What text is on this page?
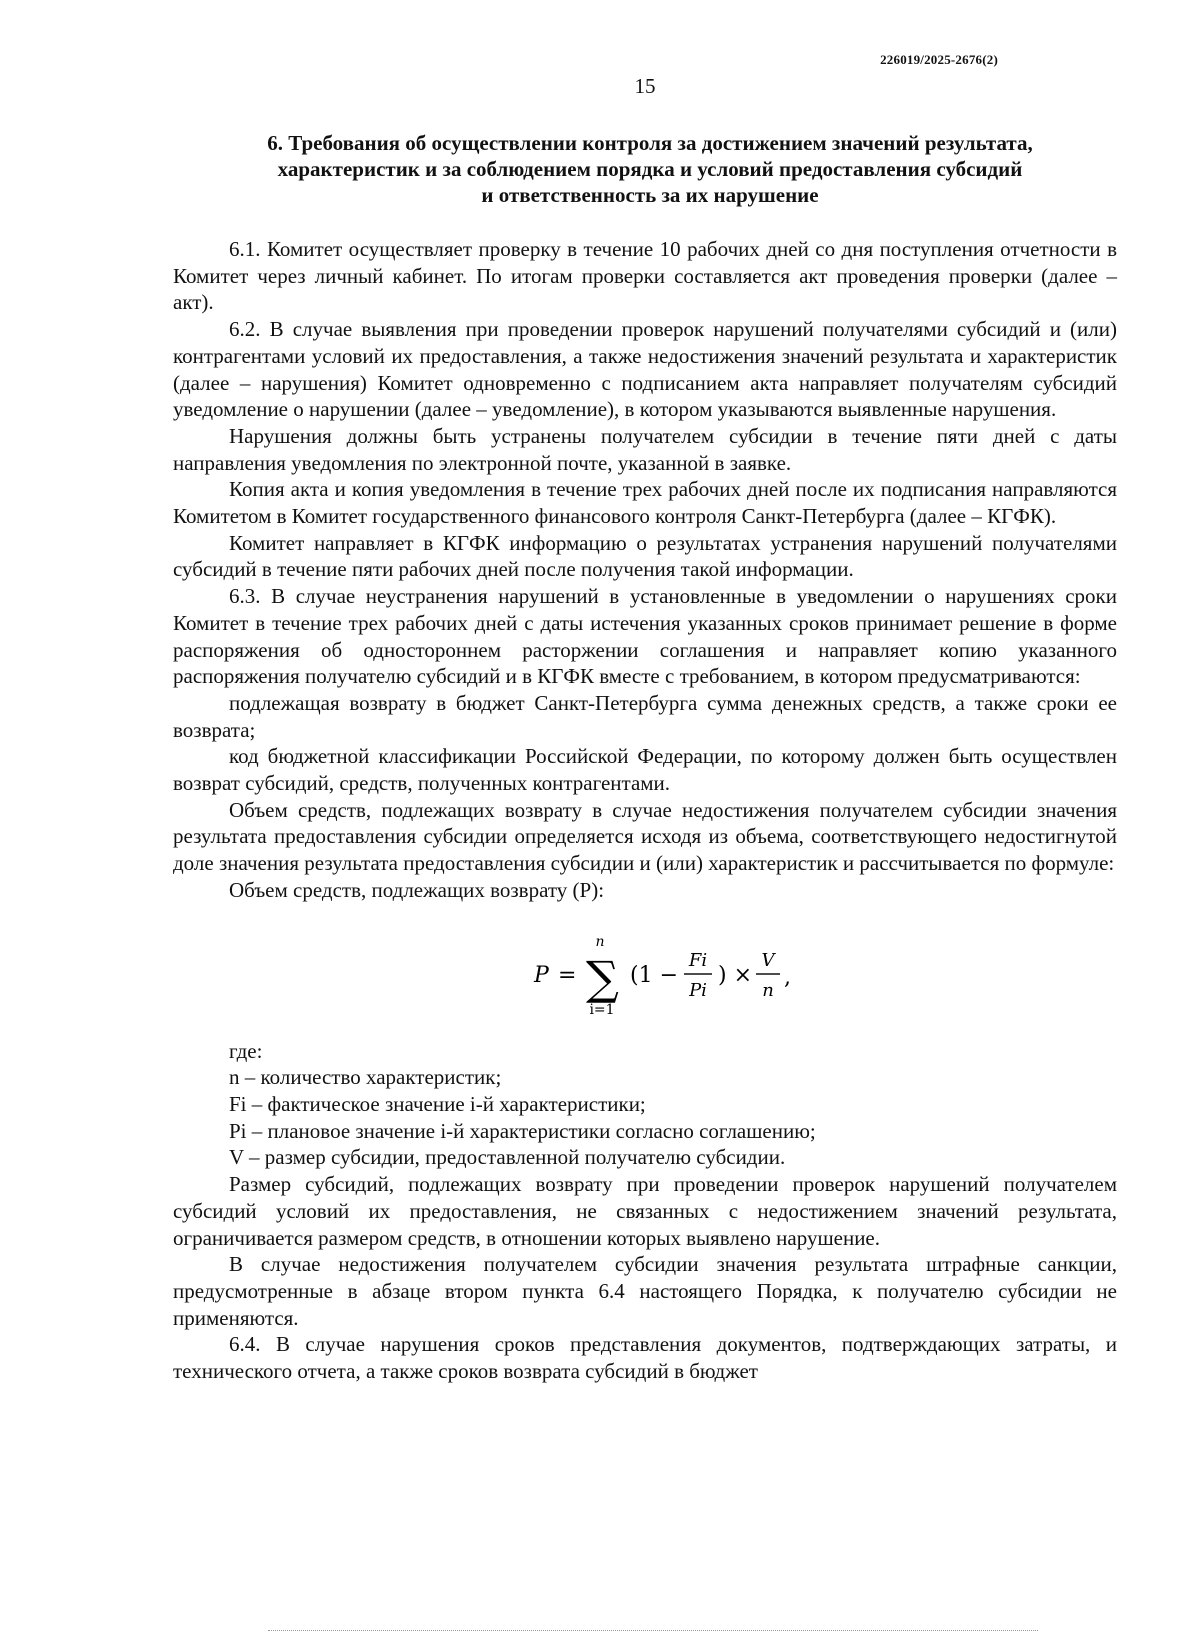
226019/2025-2676(2)
15
6. Требования об осуществлении контроля за достижением значений результата,
характеристик и за соблюдением порядка и условий предоставления субсидий
и ответственность за их нарушение

6.1. Комитет осуществляет проверку в течение 10 рабочих дней со дня поступления отчетности в Комитет через личный кабинет. По итогам проверки составляется акт проведения проверки (далее – акт).

6.2. В случае выявления при проведении проверок нарушений получателями субсидий и (или) контрагентами условий их предоставления, а также недостижения значений результата и характеристик (далее – нарушения) Комитет одновременно с подписанием акта направляет получателям субсидий уведомление о нарушении (далее – уведомление), в котором указываются выявленные нарушения.

Нарушения должны быть устранены получателем субсидии в течение пяти дней с даты направления уведомления по электронной почте, указанной в заявке.

Копия акта и копия уведомления в течение трех рабочих дней после их подписания направляются Комитетом в Комитет государственного финансового контроля Санкт-Петербурга (далее – КГФК).

Комитет направляет в КГФК информацию о результатах устранения нарушений получателями субсидий в течение пяти рабочих дней после получения такой информации.

6.3. В случае неустранения нарушений в установленные в уведомлении о нарушениях сроки Комитет в течение трех рабочих дней с даты истечения указанных сроков принимает решение в форме распоряжения об одностороннем расторжении соглашения и направляет копию указанного распоряжения получателю субсидий и в КГФК вместе с требованием, в котором предусматриваются:

подлежащая возврату в бюджет Санкт-Петербурга сумма денежных средств, а также сроки ее возврата;

код бюджетной классификации Российской Федерации, по которому должен быть осуществлен возврат субсидий, средств, полученных контрагентами.

Объем средств, подлежащих возврату в случае недостижения получателем субсидии значения результата предоставления субсидии определяется исходя из объема, соответствующего недостигнутой доле значения результата предоставления субсидии и (или) характеристик и рассчитывается по формуле:

Объем средств, подлежащих возврату (P):

P =
n
∑
i=1
(1 −
Fi
Pi
) ×
V
n
,

где:

n – количество характеристик;

Fi – фактическое значение i-й характеристики;

Pi – плановое значение i-й характеристики согласно соглашению;

V – размер субсидии, предоставленной получателю субсидии.

Размер субсидий, подлежащих возврату при проведении проверок нарушений получателем субсидий условий их предоставления, не связанных с недостижением значений результата, ограничивается размером средств, в отношении которых выявлено нарушение.

В случае недостижения получателем субсидии значения результата штрафные санкции, предусмотренные в абзаце втором пункта 6.4 настоящего Порядка, к получателю субсидии не применяются.

6.4. В случае нарушения сроков представления документов, подтверждающих затраты, и технического отчета, а также сроков возврата субсидий в бюджет
